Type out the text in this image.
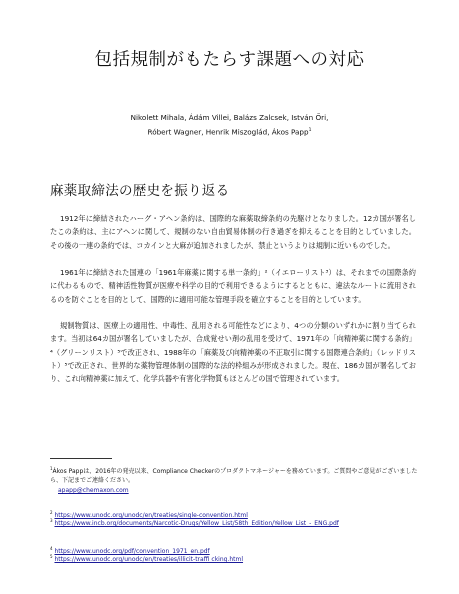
包括規制がもたらす課題への対応
Nikolett Mihala, Ádám Villei, Balázs Zalcsek, István Őri,
Róbert Wagner, Henrik Miszoglád, Ákos Papp$^1$
麻薬取締法の歴史を振り返る

1912年に締結されたハーグ・アヘン条約は、国際的な麻薬取締条約の先駆けとなりました。12カ国が署名したこの条約は、主にアヘンに関して、規制のない自由貿易体制の行き過ぎを抑えることを目的としていました。その後の一連の条約では、コカインと大麻が追加されましたが、禁止というよりは規制に近いものでした。

1961年に締結された国連の「1961年麻薬に関する単一条約」²（イエローリスト³）は、それまでの国際条約に代わるもので、精神活性物質が医療や科学の目的で利用できるようにするとともに、違法なルートに流用されるのを防ぐことを目的として、国際的に適用可能な管理手段を確立することを目的としています。

規制物質は、医療上の適用性、中毒性、乱用される可能性などにより、4つの分類のいずれかに割り当てられます。当初は64カ国が署名していましたが、合成覚せい剤の乱用を受けて、1971年の「向精神薬に関する条約」⁴（グリーンリスト）⁵で改正され、1988年の「麻薬及び向精神薬の不正取引に関する国際連合条約」（レッドリスト）⁵で改正され、世界的な薬物管理体制の国際的な法的枠組みが形成されました。現在、186カ国が署名しており、これ向精神薬に加えて、化学兵器や有害化学物質もほとんどの国で管理されています。

$^1$Ákos Pappは、2016年の発売以来、Compliance Checkerのプロダクトマネージャーを務めています。ご質問やご意見がございましたら、下記までご連絡ください。
apapp@chemaxon.com
$^2$ https://www.unodc.org/unodc/en/treaties/single-convention.html
$^3$ https://www.incb.org/documents/Narcotic-Drugs/Yellow_List/58th_Edition/Yellow_List_-_ENG.pdf
$^4$ https://www.unodc.org/pdf/convention_1971_en.pdf
$^5$ https://www.unodc.org/unodc/en/treaties/illicit-traffi cking.html
